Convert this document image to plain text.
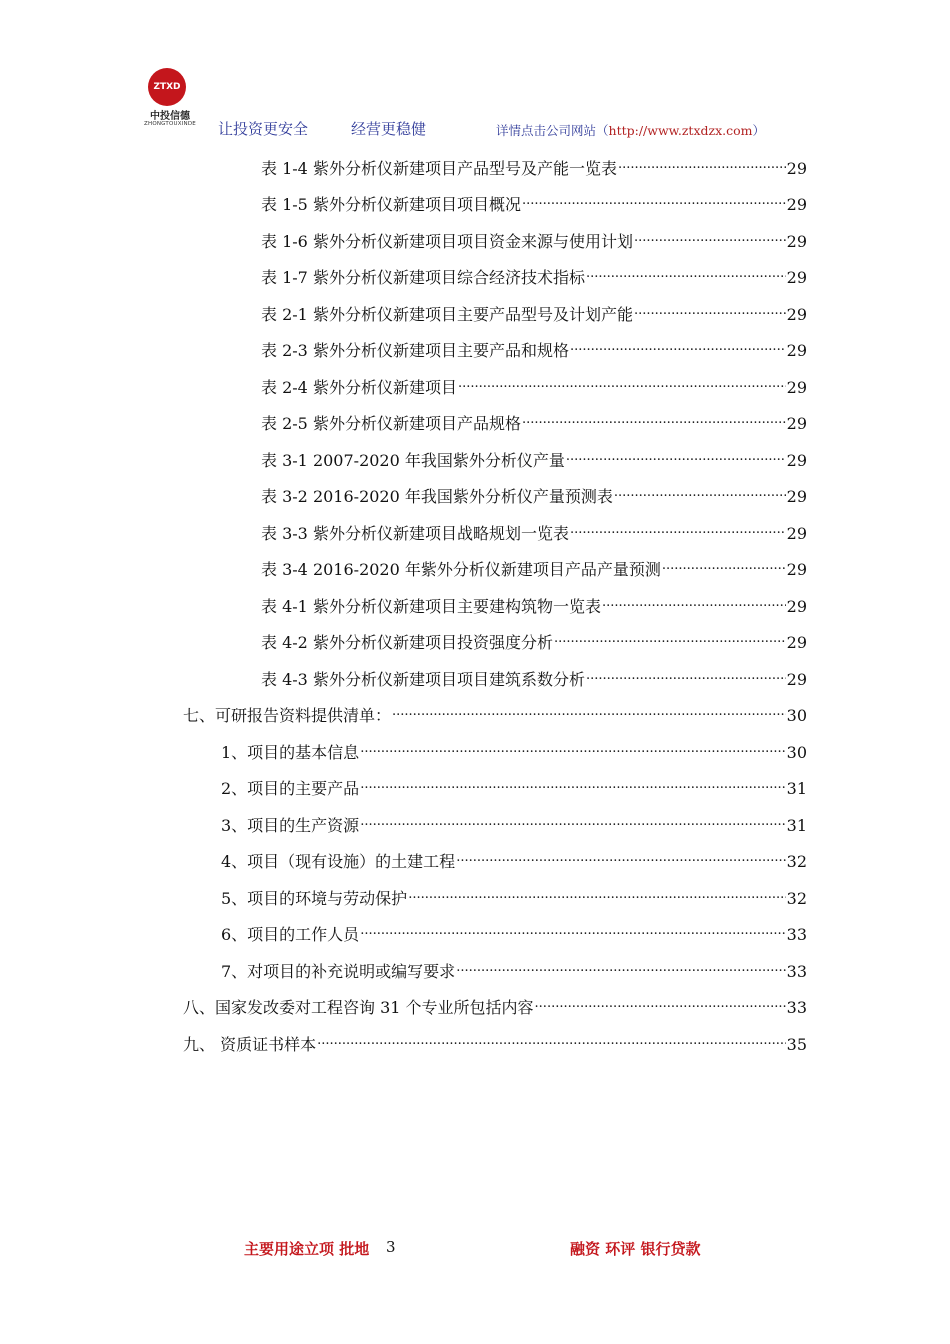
ZTXD
中投信德
ZHONGTOUXINDE	让投资更安全	经营更稳健	详情点击公司网站（http://www.ztxdzx.com）
表 1-4 紫外分析仪新建项目产品型号及产能一览表 .....	29
表 1-5 紫外分析仪新建项目项目概况 .....	29
表 1-6 紫外分析仪新建项目项目资金来源与使用计划 .....	29
表 1-7 紫外分析仪新建项目综合经济技术指标 .....	29
表 2-1 紫外分析仪新建项目主要产品型号及计划产能 .....	29
表 2-3 紫外分析仪新建项目主要产品和规格 .....	29
表 2-4 紫外分析仪新建项目 .....	29
表 2-5 紫外分析仪新建项目产品规格 .....	29
表 3-1 2007-2020 年我国紫外分析仪产量 .....	29
表 3-2 2016-2020 年我国紫外分析仪产量预测表 .....	29
表 3-3 紫外分析仪新建项目战略规划一览表 .....	29
表 3-4 2016-2020 年紫外分析仪新建项目产品产量预测 .....	29
表 4-1 紫外分析仪新建项目主要建构筑物一览表 .....	29
表 4-2 紫外分析仪新建项目投资强度分析 .....	29
表 4-3 紫外分析仪新建项目项目建筑系数分析 .....	29
七、可研报告资料提供清单： .....	30
1、项目的基本信息 .....	30
2、项目的主要产品 .....	31
3、项目的生产资源 .....	31
4、项目（现有设施）的土建工程 .....	32
5、项目的环境与劳动保护 .....	32
6、项目的工作人员 .....	33
7、对项目的补充说明或编写要求 .....	33
八、国家发改委对工程咨询 31 个专业所包括内容 .....	33
九、 资质证书样本 .....	35
主要用途立项 批地 3	融资 环评 银行贷款
